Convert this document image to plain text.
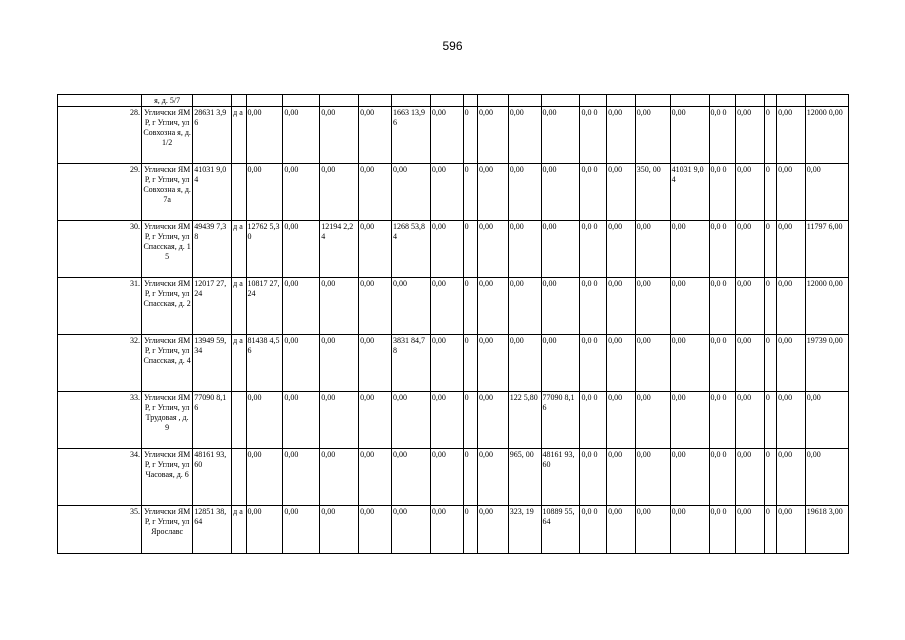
596
	я, д. 5/7																					
28.	Угличски ЯМР, г Углич, ул Совхозна я, д. 1/2	28631 3,96	д а	0,00	0,00	0,00	0,00	1663 13,96	0,00	0	0,00	0,00	0,00	0,0 0	0,00	0,00	0,00	0,0 0	0,00	0	0,00	12000 0,00
29.	Угличски ЯМР, г Углич, ул Совхозна я, д. 7а	41031 9,04		0,00	0,00	0,00	0,00	0,00	0,00	0	0,00	0,00	0,00	0,0 0	0,00	350, 00	41031 9,04	0,0 0	0,00	0	0,00	0,00
30.	Угличски ЯМР, г Углич, ул Спасская, д. 15	49439 7,38	д а	12762 5,30	0,00	12194 2,24	0,00	1268 53,84	0,00	0	0,00	0,00	0,00	0,0 0	0,00	0,00	0,00	0,0 0	0,00	0	0,00	11797 6,00
31.	Угличски ЯМР, г Углич, ул Спасская, д. 2	12017 27,24	д а	10817 27,24	0,00	0,00	0,00	0,00	0,00	0	0,00	0,00	0,00	0,0 0	0,00	0,00	0,00	0,0 0	0,00	0	0,00	12000 0,00
32.	Угличски ЯМР, г Углич, ул Спасская, д. 4	13949 59,34	д а	81438 4,56	0,00	0,00	0,00	3831 84,78	0,00	0	0,00	0,00	0,00	0,0 0	0,00	0,00	0,00	0,0 0	0,00	0	0,00	19739 0,00
33.	Угличски ЯМР, г Углич, ул Трудовая , д. 9	77090 8,16		0,00	0,00	0,00	0,00	0,00	0,00	0	0,00	122 5,80	77090 8,16	0,0 0	0,00	0,00	0,00	0,0 0	0,00	0	0,00	0,00
34.	Угличски ЯМР, г Углич, ул Часовая, д. 6	48161 93,60		0,00	0,00	0,00	0,00	0,00	0,00	0	0,00	965, 00	48161 93,60	0,0 0	0,00	0,00	0,00	0,0 0	0,00	0	0,00	0,00
35.	Угличски ЯМР, г Углич, ул Ярославс	12851 38,64	д а	0,00	0,00	0,00	0,00	0,00	0,00	0	0,00	323, 19	10889 55,64	0,0 0	0,00	0,00	0,00	0,0 0	0,00	0	0,00	19618 3,00
